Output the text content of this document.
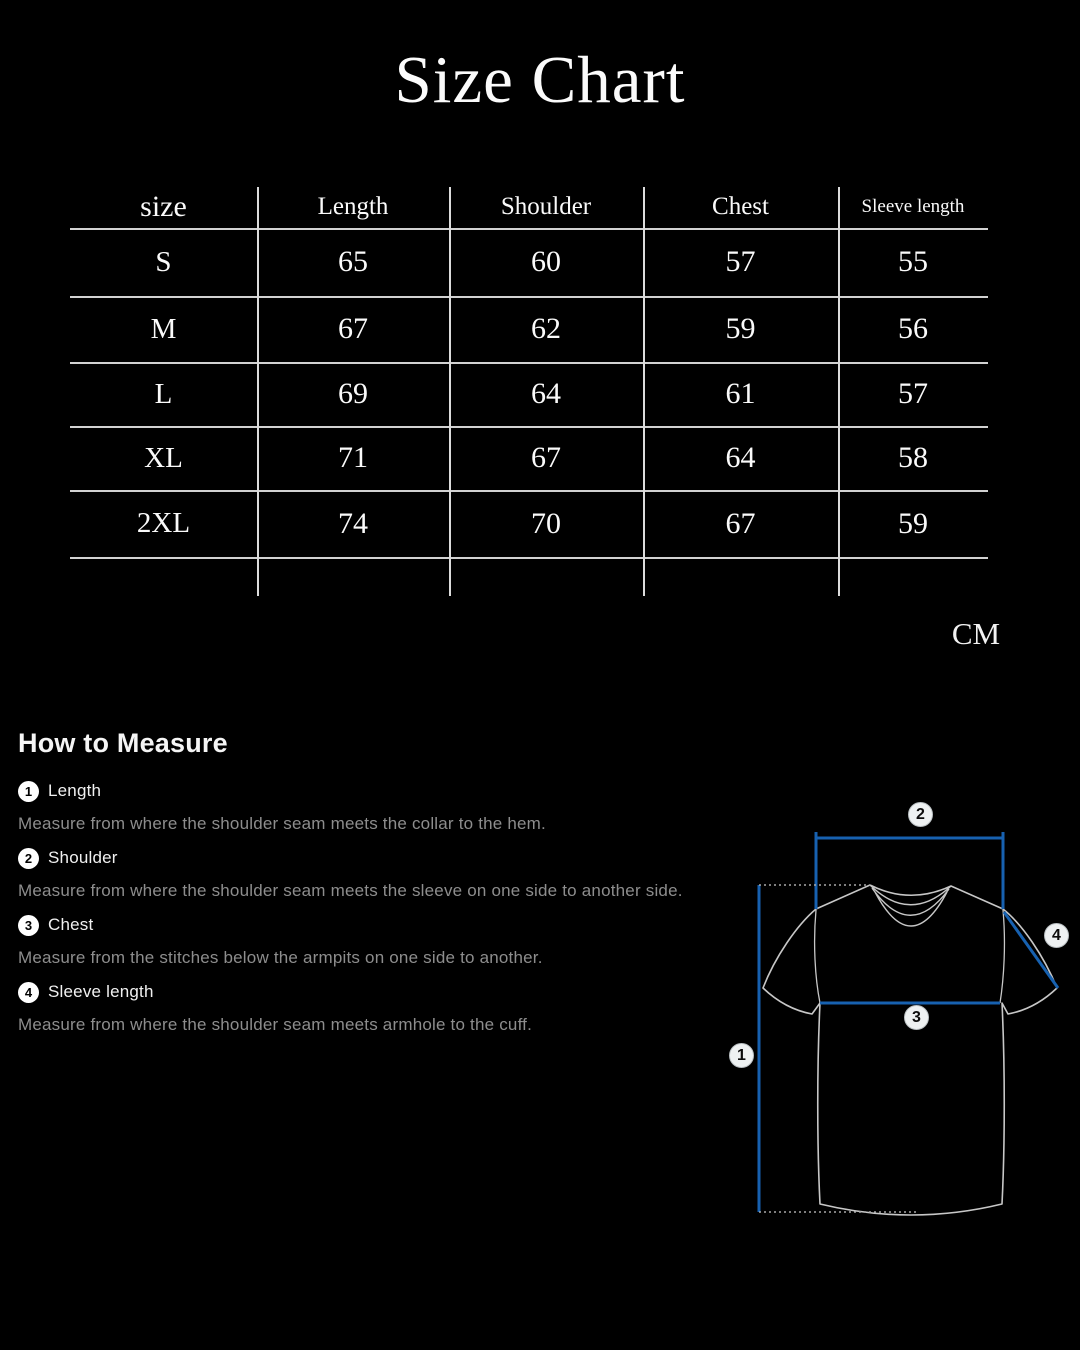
Size Chart
size	Length	Shoulder	Chest	Sleeve length
S	65	60	57	55
M	67	62	59	56
L	69	64	61	57
XL	71	67	64	58
2XL	74	70	67	59
CM
How to Measure
1 Length

Measure from where the shoulder seam meets the collar to the hem.

2 Shoulder

Measure from where the shoulder seam meets the sleeve on one side to another side.

3 Chest

Measure from the stitches below the armpits on one side to another.

4 Sleeve length

Measure from where the shoulder seam meets armhole to the cuff.

1
2
3
4
